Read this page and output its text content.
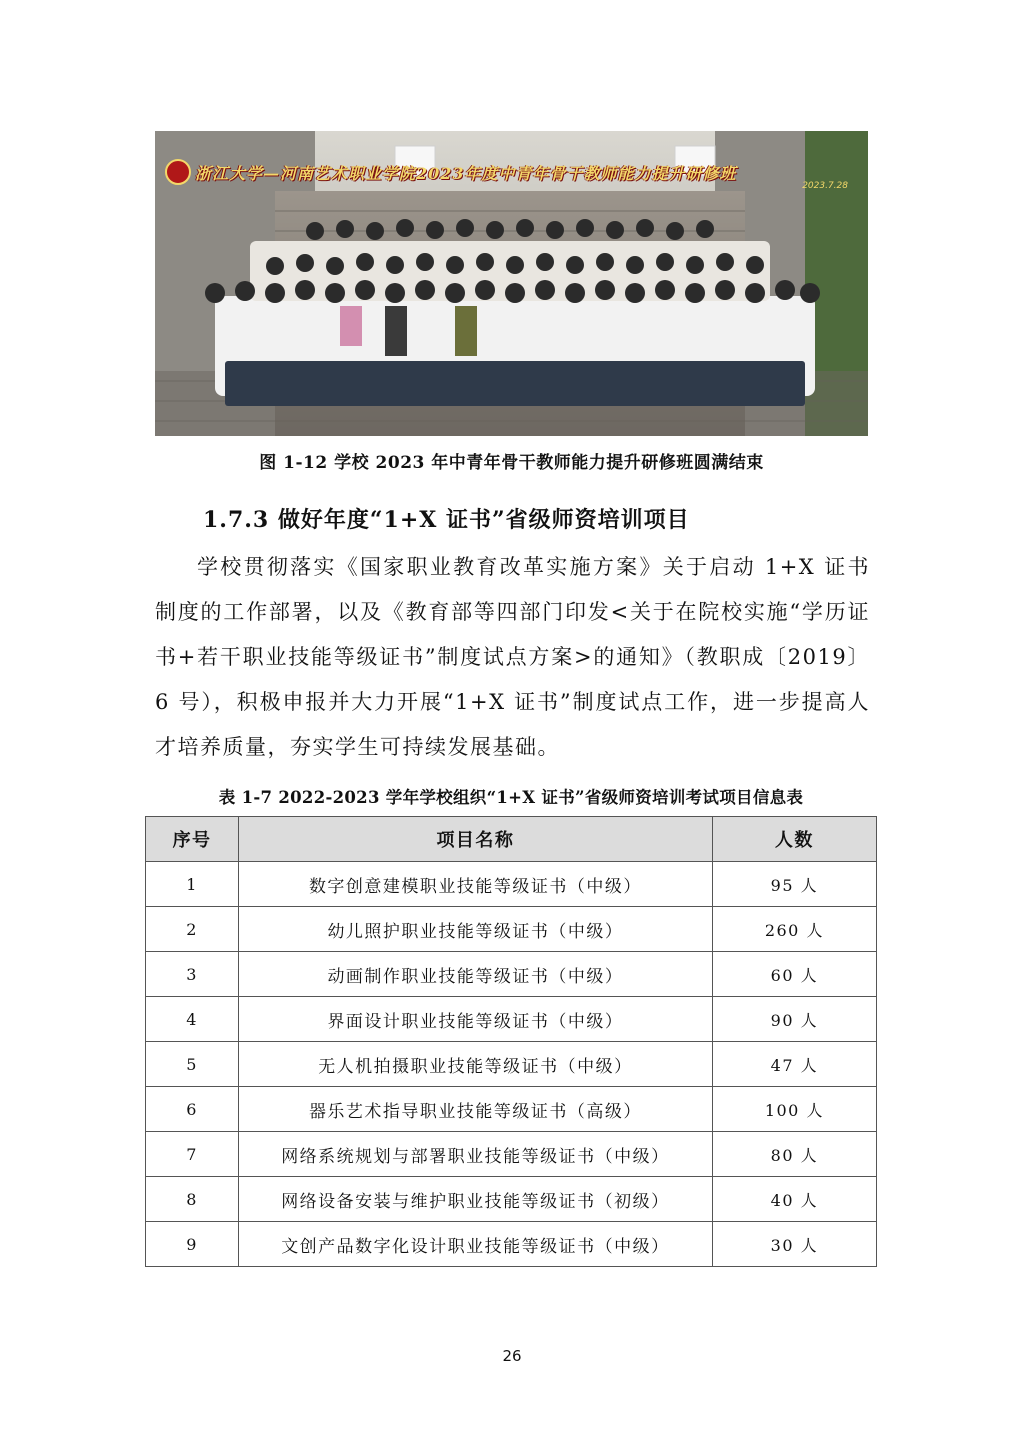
浙江大学—河南艺术职业学院2023年度中青年骨干教师能力提升研修班
2023.7.28
图 1-12 学校 2023 年中青年骨干教师能力提升研修班圆满结束
1.7.3 做好年度“1+X 证书”省级师资培训项目

学校贯彻落实《国家职业教育改革实施方案》关于启动 1+X 证书制度的工作部署，以及《教育部等四部门印发<关于在院校实施“学历证书+若干职业技能等级证书”制度试点方案>的通知》（教职成〔2019〕6 号），积极申报并大力开展“1+X 证书”制度试点工作，进一步提高人才培养质量，夯实学生可持续发展基础。

表 1-7 2022-2023 学年学校组织“1+X 证书”省级师资培训考试项目信息表
序号	项目名称	人数
1	数字创意建模职业技能等级证书（中级）	95 人
2	幼儿照护职业技能等级证书（中级）	260 人
3	动画制作职业技能等级证书（中级）	60 人
4	界面设计职业技能等级证书（中级）	90 人
5	无人机拍摄职业技能等级证书（中级）	47 人
6	器乐艺术指导职业技能等级证书（高级）	100 人
7	网络系统规划与部署职业技能等级证书（中级）	80 人
8	网络设备安装与维护职业技能等级证书（初级）	40 人
9	文创产品数字化设计职业技能等级证书（中级）	30 人
26
